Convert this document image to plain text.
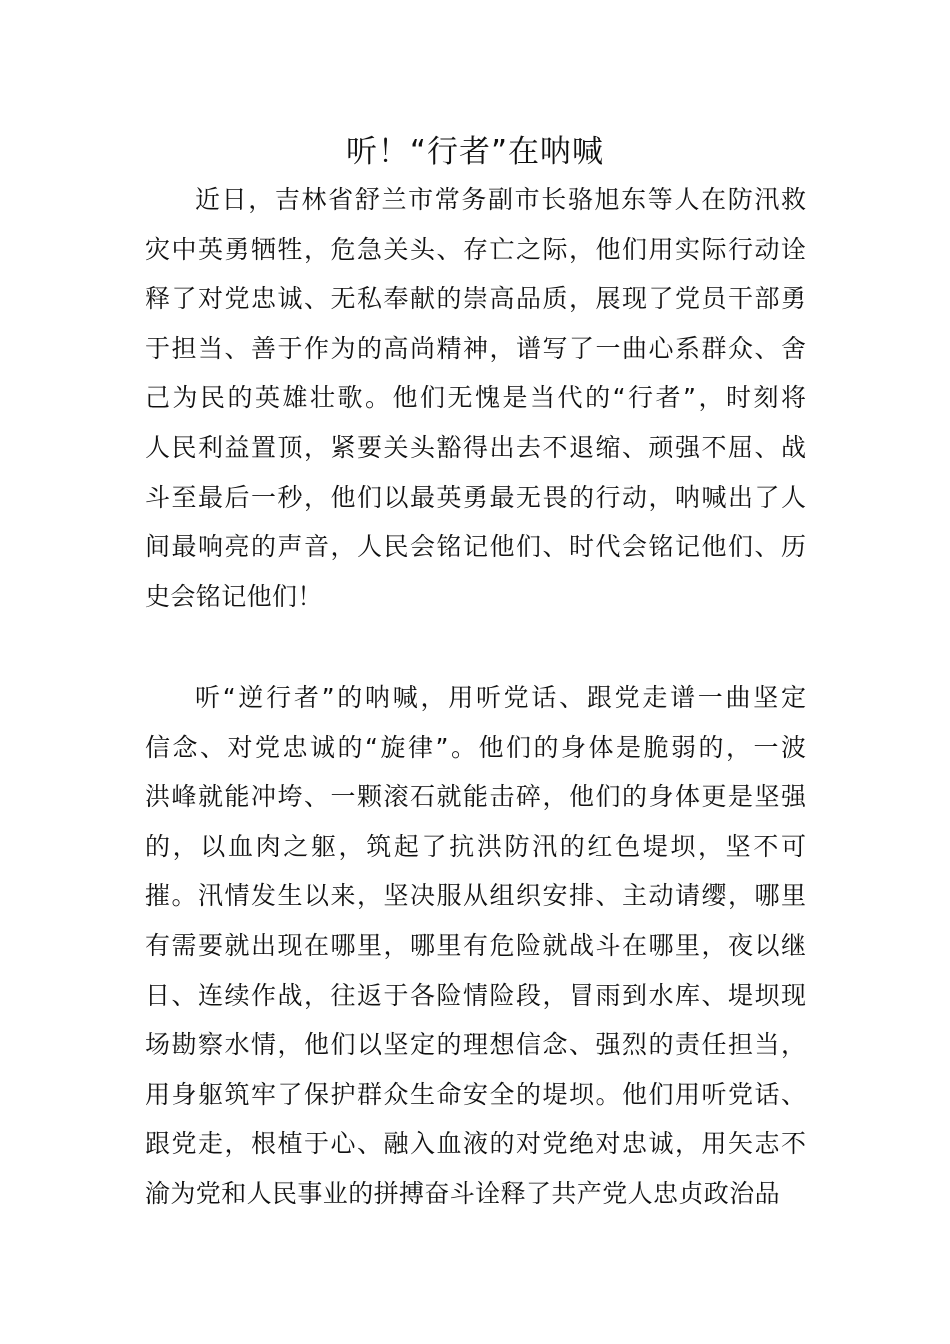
听！“行者”在呐喊
近日，吉林省舒兰市常务副市长骆旭东等人在防汛救
灾中英勇牺牲，危急关头、存亡之际，他们用实际行动诠
释了对党忠诚、无私奉献的崇高品质，展现了党员干部勇
于担当、善于作为的高尚精神，谱写了一曲心系群众、舍
己为民的英雄壮歌。他们无愧是当代的“行者”，时刻将
人民利益置顶，紧要关头豁得出去不退缩、顽强不屈、战
斗至最后一秒，他们以最英勇最无畏的行动，呐喊出了人
间最响亮的声音，人民会铭记他们、时代会铭记他们、历
史会铭记他们！
听“逆行者”的呐喊，用听党话、跟党走谱一曲坚定
信念、对党忠诚的“旋律”。他们的身体是脆弱的，一波
洪峰就能冲垮、一颗滚石就能击碎，他们的身体更是坚强
的，以血肉之躯，筑起了抗洪防汛的红色堤坝，坚不可
摧。汛情发生以来，坚决服从组织安排、主动请缨，哪里
有需要就出现在哪里，哪里有危险就战斗在哪里，夜以继
日、连续作战，往返于各险情险段，冒雨到水库、堤坝现
场勘察水情，他们以坚定的理想信念、强烈的责任担当，
用身躯筑牢了保护群众生命安全的堤坝。他们用听党话、
跟党走，根植于心、融入血液的对党绝对忠诚，用矢志不
渝为党和人民事业的拼搏奋斗诠释了共产党人忠贞政治品
